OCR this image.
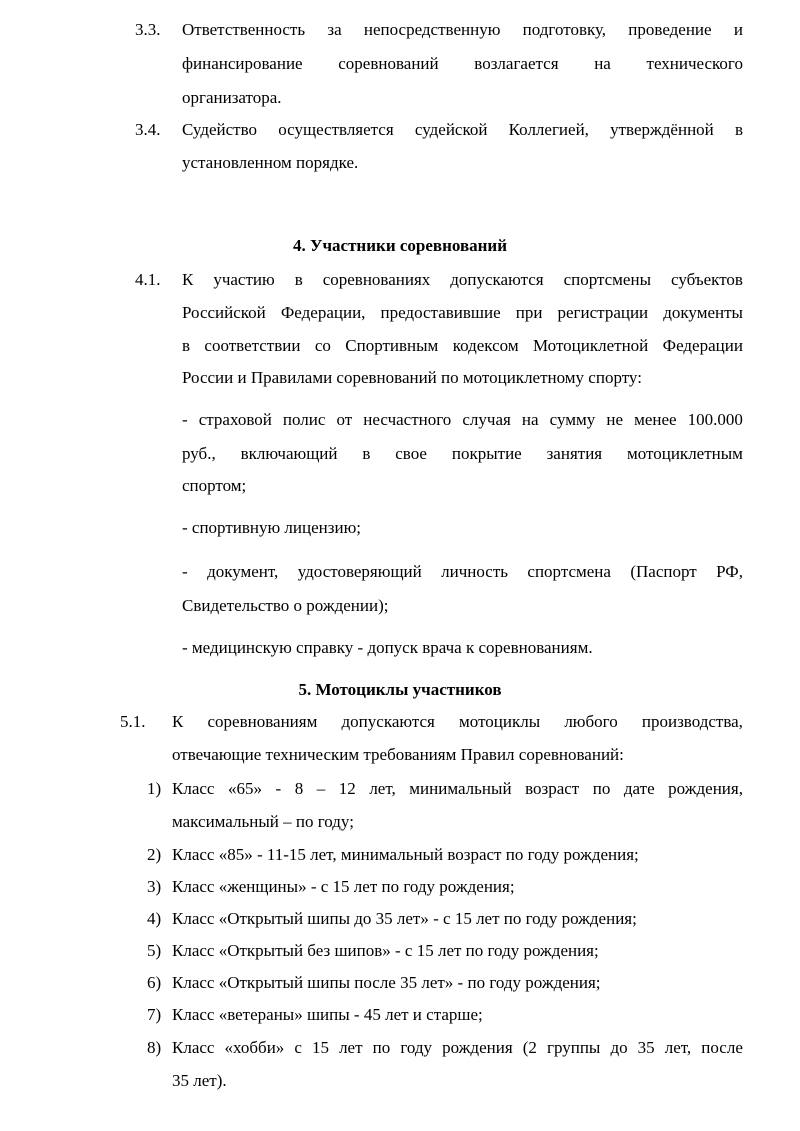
3.3. Ответственность за непосредственную подготовку, проведение и
финансирование соревнований возлагается на технического
организатора.
3.4. Судейство осуществляется судейской Коллегией, утверждённой в
установленном порядке.
4. Участники соревнований
4.1. К участию в соревнованиях допускаются спортсмены субъектов
Российской Федерации, предоставившие при регистрации документы
в соответствии со Спортивным кодексом Мотоциклетной Федерации
России и Правилами соревнований по мотоциклетному спорту:
- страховой полис от несчастного случая на сумму не менее 100.000
руб., включающий в свое покрытие занятия мотоциклетным
спортом;
- спортивную лицензию;
- документ, удостоверяющий личность спортсмена (Паспорт РФ,
Свидетельство о рождении);
- медицинскую справку - допуск врача к соревнованиям.
5. Мотоциклы участников
5.1. К соревнованиям допускаются мотоциклы любого производства,
отвечающие техническим требованиям Правил соревнований:
1) Класс «65» - 8 – 12 лет, минимальный возраст по дате рождения,
максимальный – по году;
2) Класс «85» - 11-15 лет, минимальный возраст по году рождения;
3) Класс «женщины» - с 15 лет по году рождения;
4) Класс «Открытый шипы до 35 лет» - с 15 лет по году рождения;
5) Класс «Открытый без шипов» - с 15 лет по году рождения;
6) Класс «Открытый шипы после 35 лет» - по году рождения;
7) Класс «ветераны» шипы - 45 лет и старше;
8) Класс «хобби» с 15 лет по году рождения (2 группы до 35 лет, после
35 лет).
